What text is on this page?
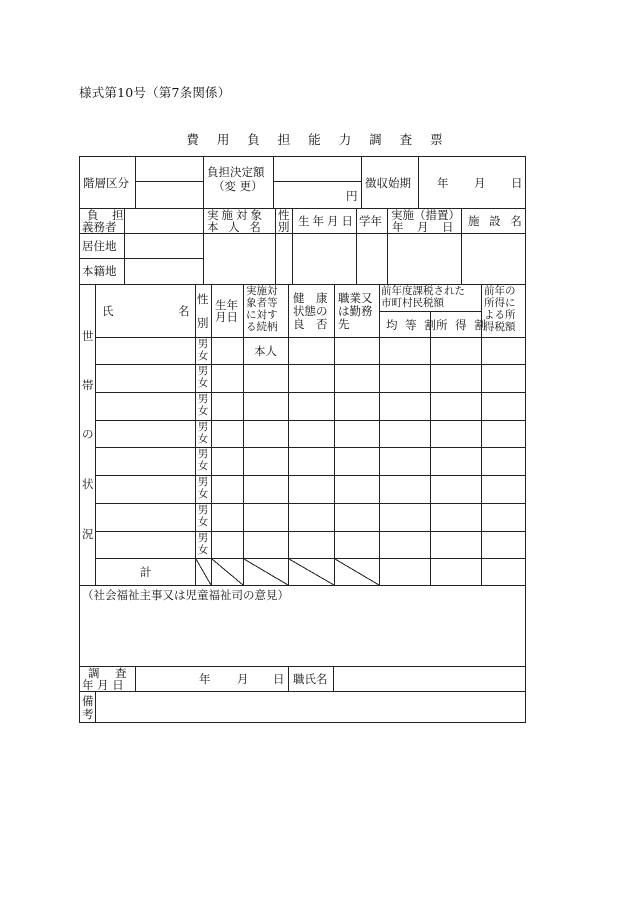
様式第10号（第7条関係）
費 用 負 担 能 力 調 査 票
階層区分
負担決定額
（変 更）
円
徴収始期 年 月 日
負 担
義務者
居住地
本籍地
実施対象
本 人 名
性
別 生年月日 学年 実施（措置）
年　月　日 施 設 名
世
帯
の
状
況
氏	名
性
別
生年
月日
実施対
象者等
に対す
る続柄
健　康
状態の
良　否
職業又
は勤務
先
前年度課税された
市町村民税額
均 等 割
所 得 割
前年の
所得に
よる所
得税額
男
女
男
女
男
女
男
女
男
女
男
女
男
女
男
女
本人
計
（社会福祉主事又は児童福祉司の意見）
調　査
年 月 日	年 月 日 職氏名
備
考
